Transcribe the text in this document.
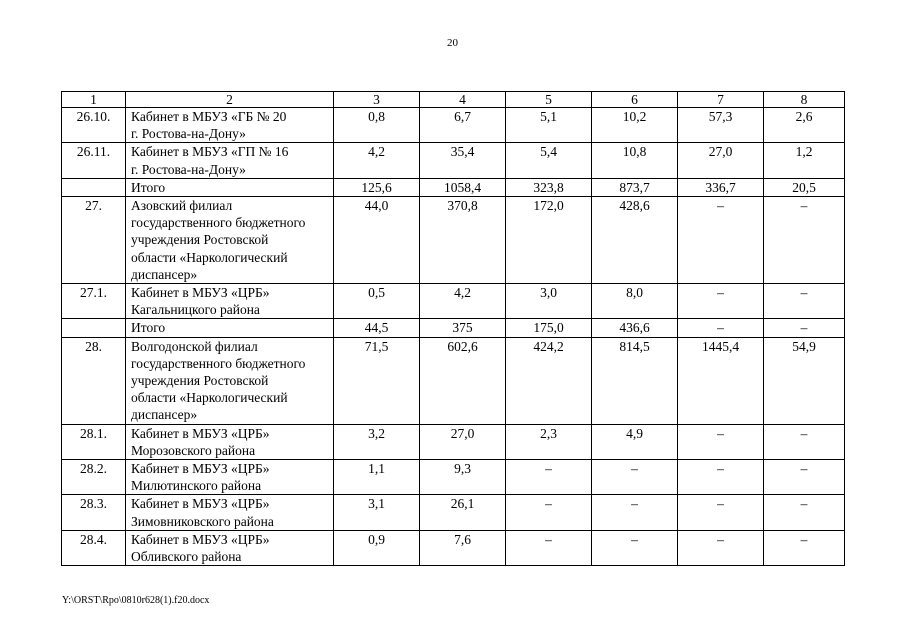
20
1	2	3	4	5	6	7	8
26.10.	Кабинет в МБУЗ «ГБ № 20
г. Ростова-на-Дону»	0,8	6,7	5,1	10,2	57,3	2,6
26.11.	Кабинет в МБУЗ «ГП № 16
г. Ростова-на-Дону»	4,2	35,4	5,4	10,8	27,0	1,2
	Итого	125,6	1058,4	323,8	873,7	336,7	20,5
27.	Азовский филиал
государственного бюджетного
учреждения Ростовской
области «Наркологический
диспансер»	44,0	370,8	172,0	428,6	–	–
27.1.	Кабинет в МБУЗ «ЦРБ»
Кагальницкого района	0,5	4,2	3,0	8,0	–	–
	Итого	44,5	375	175,0	436,6	–	–
28.	Волгодонской филиал
государственного бюджетного
учреждения Ростовской
области «Наркологический
диспансер»	71,5	602,6	424,2	814,5	1445,4	54,9
28.1.	Кабинет в МБУЗ «ЦРБ»
Морозовского района	3,2	27,0	2,3	4,9	–	–
28.2.	Кабинет в МБУЗ «ЦРБ»
Милютинского района	1,1	9,3	–	–	–	–
28.3.	Кабинет в МБУЗ «ЦРБ»
Зимовниковского района	3,1	26,1	–	–	–	–
28.4.	Кабинет в МБУЗ «ЦРБ»
Обливского района	0,9	7,6	–	–	–	–
Y:\ORST\Rpo\0810r628(1).f20.docx
